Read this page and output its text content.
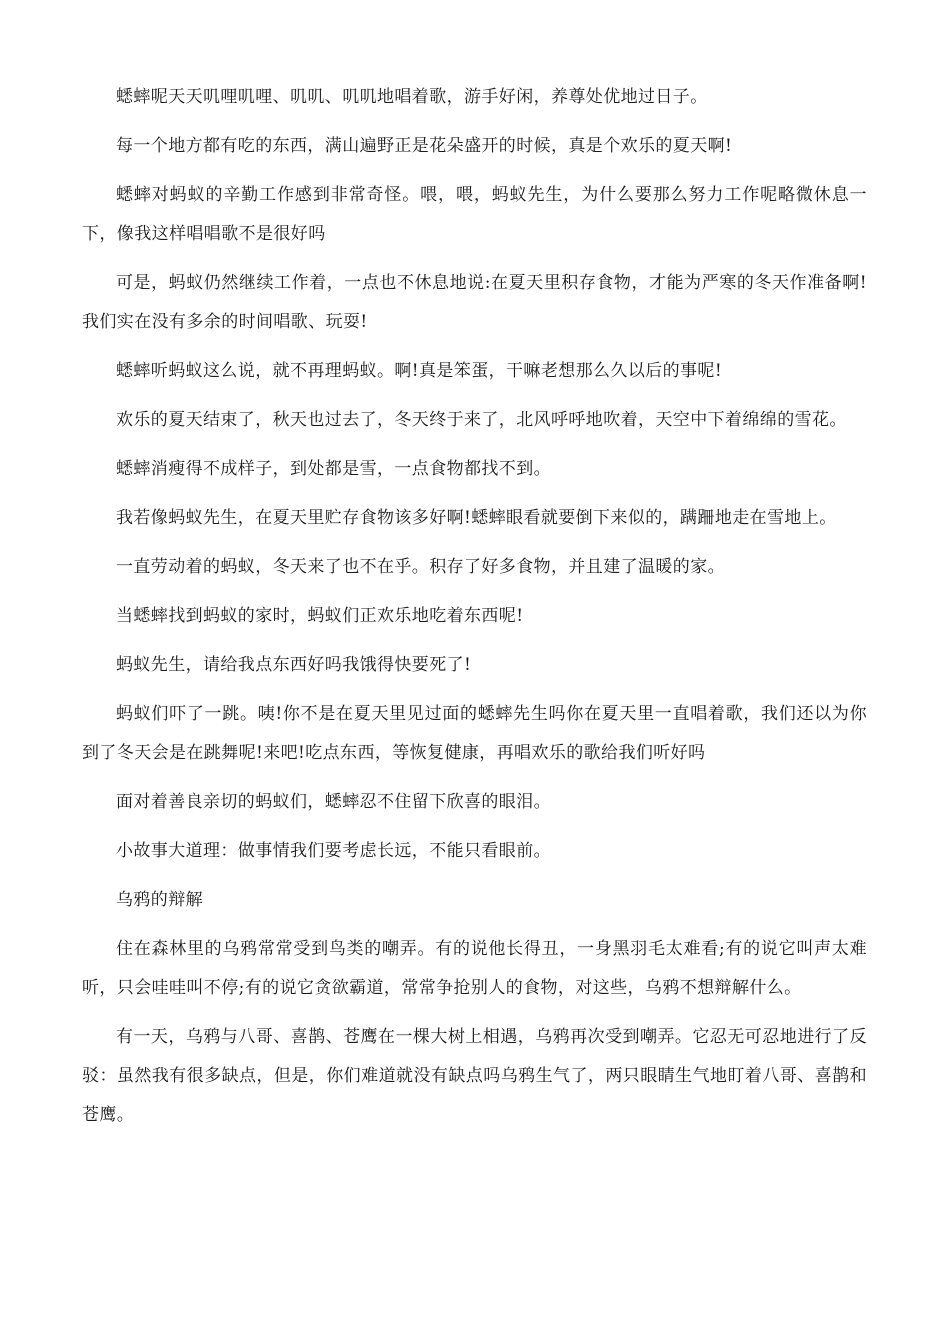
蟋蟀呢天天叽哩叽哩、叽叽、叽叽地唱着歌，游手好闲，养尊处优地过日子。

每一个地方都有吃的东西，满山遍野正是花朵盛开的时候，真是个欢乐的夏天啊!

蟋蟀对蚂蚁的辛勤工作感到非常奇怪。喂，喂，蚂蚁先生，为什么要那么努力工作呢略微休息一下，像我这样唱唱歌不是很好吗

可是，蚂蚁仍然继续工作着，一点也不休息地说:在夏天里积存食物，才能为严寒的冬天作准备啊!我们实在没有多余的时间唱歌、玩耍!

蟋蟀听蚂蚁这么说，就不再理蚂蚁。啊!真是笨蛋，干嘛老想那么久以后的事呢!

欢乐的夏天结束了，秋天也过去了，冬天终于来了，北风呼呼地吹着，天空中下着绵绵的雪花。

蟋蟀消瘦得不成样子，到处都是雪，一点食物都找不到。

我若像蚂蚁先生，在夏天里贮存食物该多好啊!蟋蟀眼看就要倒下来似的，蹒跚地走在雪地上。

一直劳动着的蚂蚁，冬天来了也不在乎。积存了好多食物，并且建了温暖的家。

当蟋蟀找到蚂蚁的家时，蚂蚁们正欢乐地吃着东西呢!

蚂蚁先生，请给我点东西好吗我饿得快要死了!

蚂蚁们吓了一跳。咦!你不是在夏天里见过面的蟋蟀先生吗你在夏天里一直唱着歌，我们还以为你到了冬天会是在跳舞呢!来吧!吃点东西，等恢复健康，再唱欢乐的歌给我们听好吗

面对着善良亲切的蚂蚁们，蟋蟀忍不住留下欣喜的眼泪。

小故事大道理：做事情我们要考虑长远，不能只看眼前。

乌鸦的辩解

住在森林里的乌鸦常常受到鸟类的嘲弄。有的说他长得丑，一身黑羽毛太难看;有的说它叫声太难听，只会哇哇叫不停;有的说它贪欲霸道，常常争抢别人的食物，对这些，乌鸦不想辩解什么。

有一天，乌鸦与八哥、喜鹊、苍鹰在一棵大树上相遇，乌鸦再次受到嘲弄。它忍无可忍地进行了反驳：虽然我有很多缺点，但是，你们难道就没有缺点吗乌鸦生气了，两只眼睛生气地盯着八哥、喜鹊和苍鹰。
